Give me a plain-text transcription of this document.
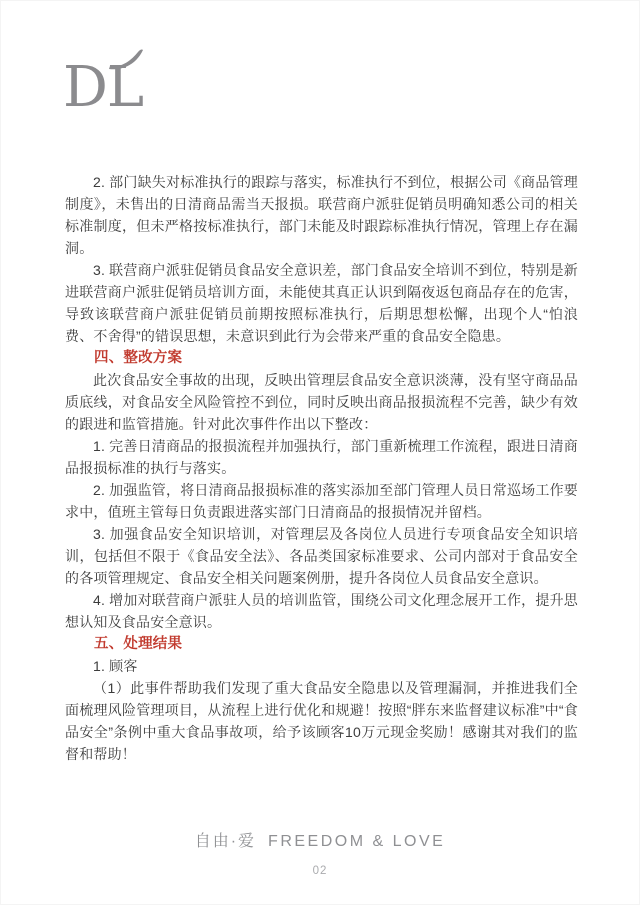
DL

2. 部门缺失对标准执行的跟踪与落实，标准执行不到位，根据公司《商品管理制度》，未售出的日清商品需当天报损。联营商户派驻促销员明确知悉公司的相关标准制度，但未严格按标准执行，部门未能及时跟踪标准执行情况，管理上存在漏洞。

3. 联营商户派驻促销员食品安全意识差，部门食品安全培训不到位，特别是新进联营商户派驻促销员培训方面，未能使其真正认识到隔夜返包商品存在的危害，导致该联营商户派驻促销员前期按照标准执行，后期思想松懈，出现个人“怕浪费、不舍得”的错误思想，未意识到此行为会带来严重的食品安全隐患。

四、整改方案

此次食品安全事故的出现，反映出管理层食品安全意识淡薄，没有坚守商品品质底线，对食品安全风险管控不到位，同时反映出商品报损流程不完善，缺少有效的跟进和监管措施。针对此次事件作出以下整改：

1. 完善日清商品的报损流程并加强执行，部门重新梳理工作流程，跟进日清商品报损标准的执行与落实。

2. 加强监管，将日清商品报损标准的落实添加至部门管理人员日常巡场工作要求中，值班主管每日负责跟进落实部门日清商品的报损情况并留档。

3. 加强食品安全知识培训，对管理层及各岗位人员进行专项食品安全知识培训，包括但不限于《食品安全法》、各品类国家标准要求、公司内部对于食品安全的各项管理规定、食品安全相关问题案例册，提升各岗位人员食品安全意识。

4. 增加对联营商户派驻人员的培训监管，围绕公司文化理念展开工作，提升思想认知及食品安全意识。

五、处理结果

1. 顾客

（1）此事件帮助我们发现了重大食品安全隐患以及管理漏洞，并推进我们全面梳理风险管理项目，从流程上进行优化和规避！按照“胖东来监督建议标准”中“食品安全”条例中重大食品事故项，给予该顾客10万元现金奖励！感谢其对我们的监督和帮助！

自由·爱 FREEDOM & LOVE
02
